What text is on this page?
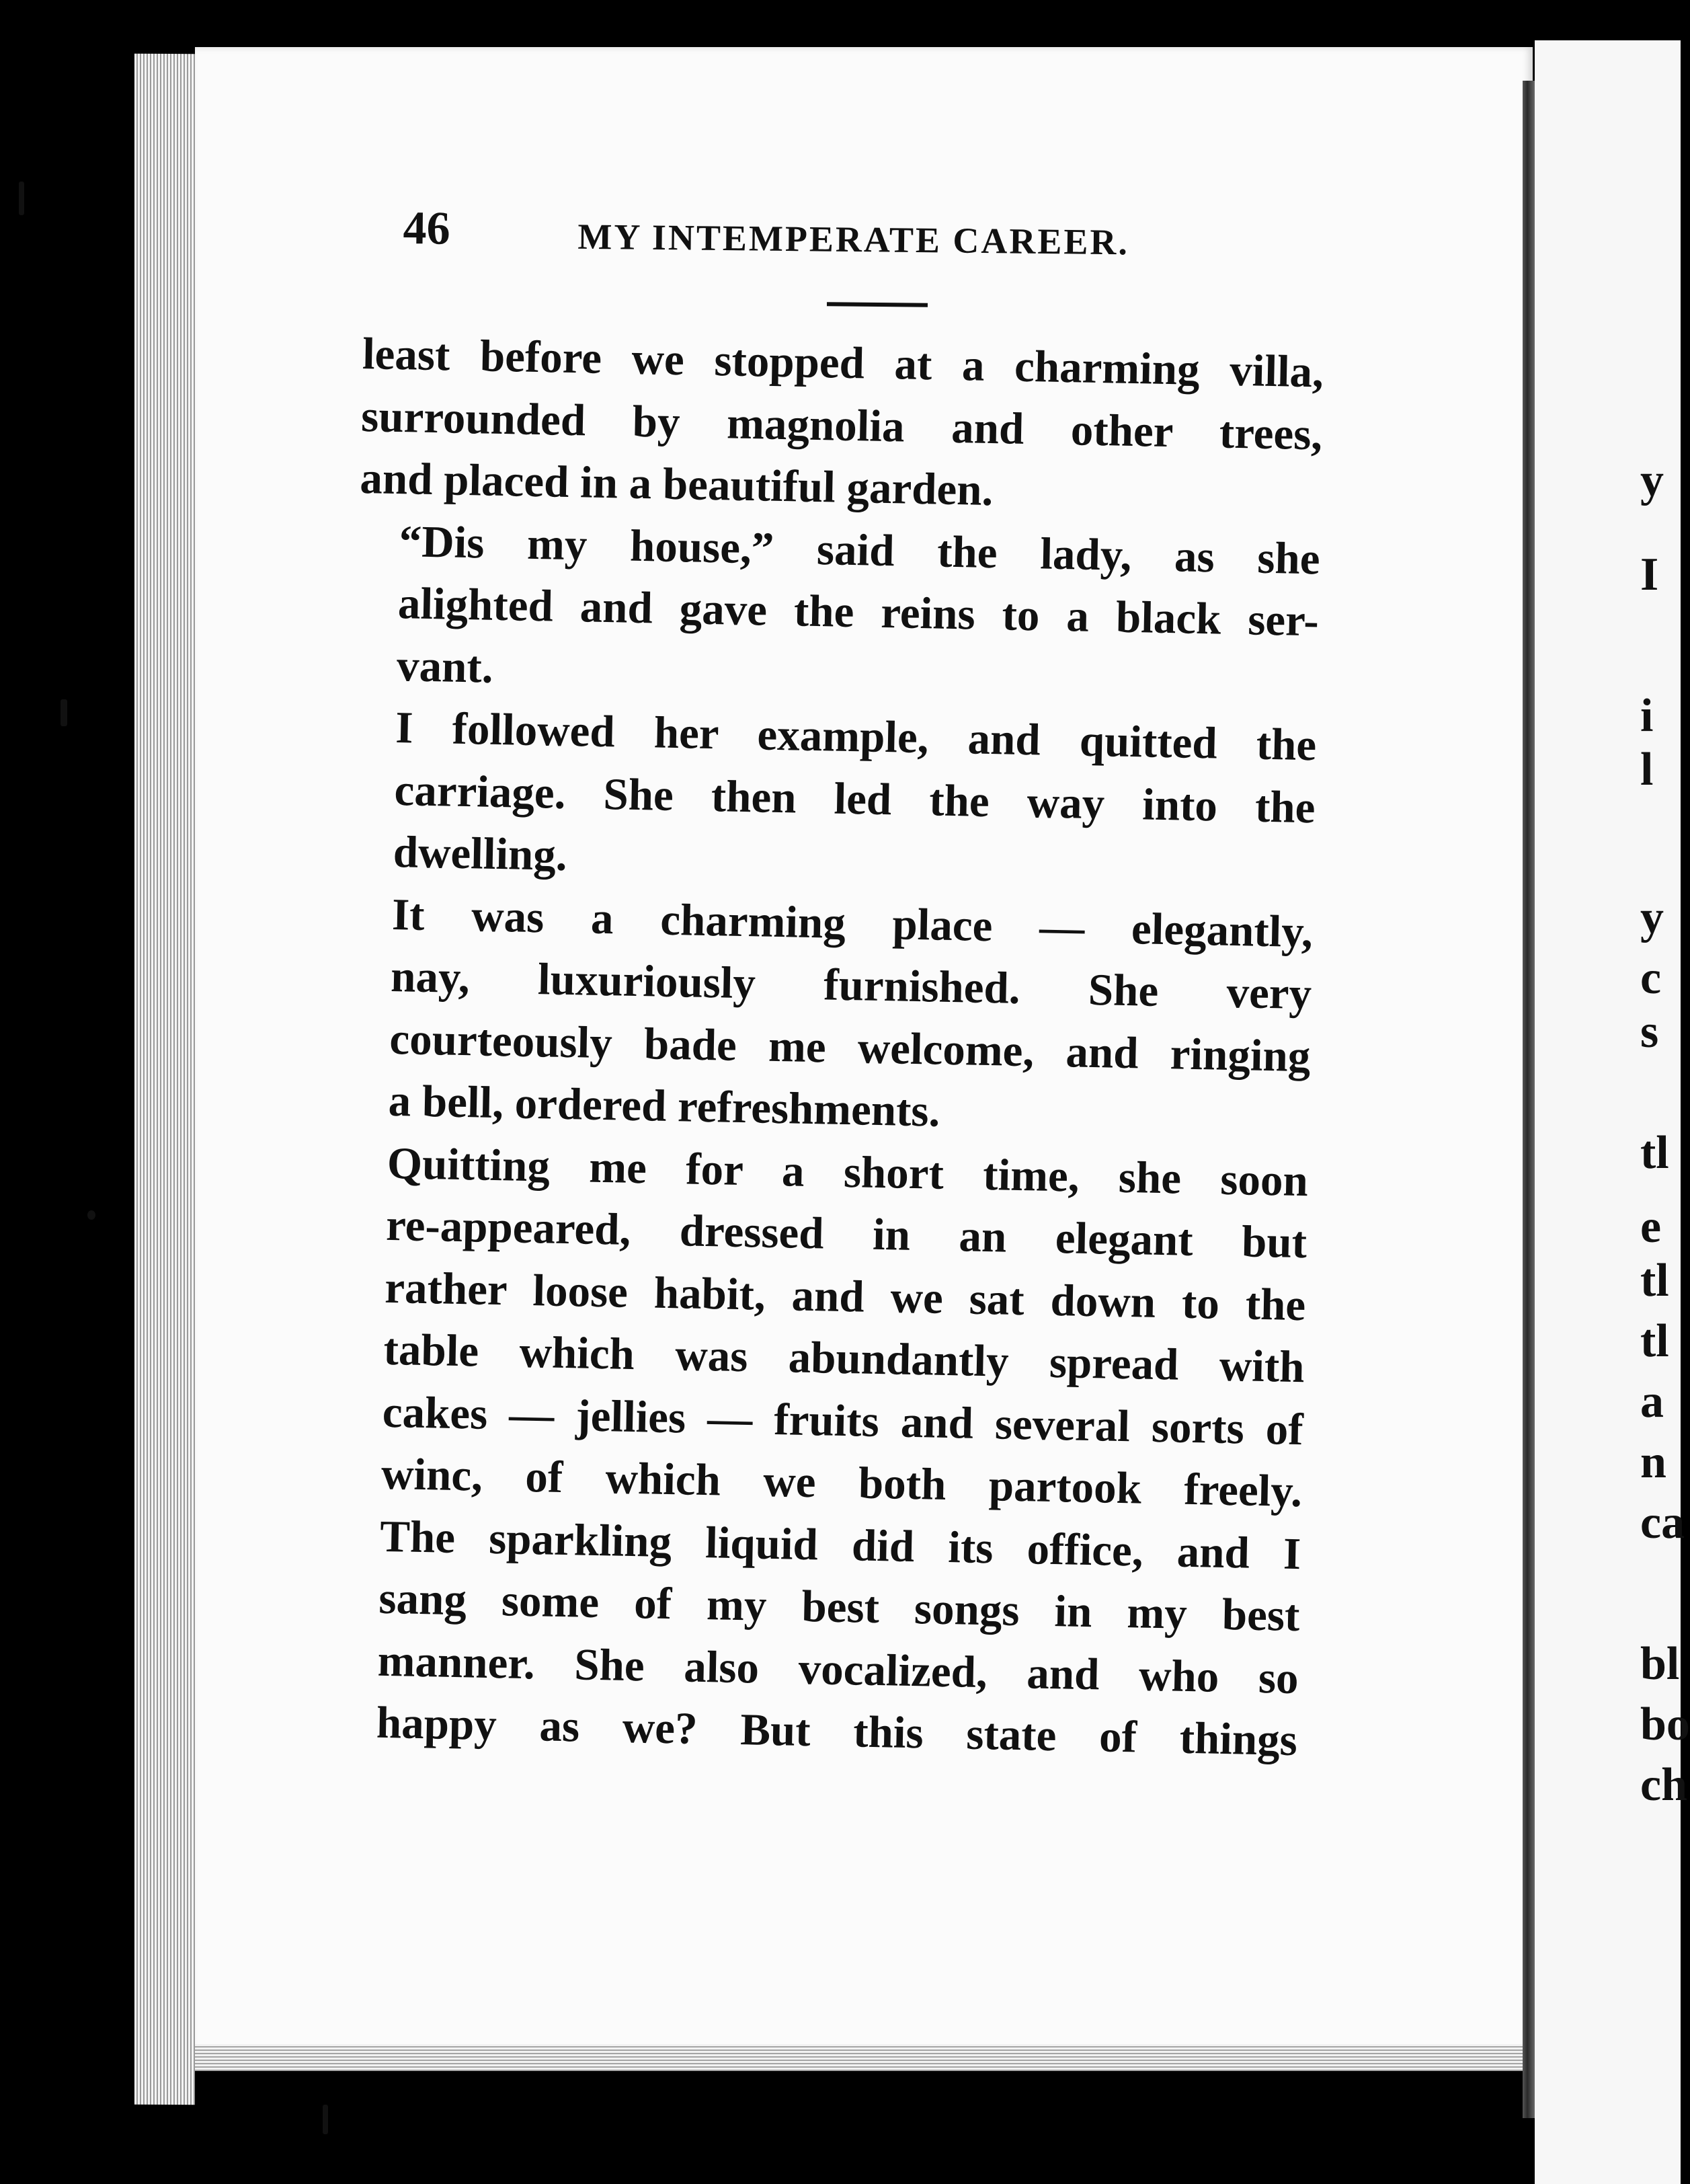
y
I
i
l
y
c
s
tl
e
tl
tl
a
n
ca
bl
bo
ch
46	MY INTEMPERATE CAREER.

least before we stopped at a charming villa,
surrounded by magnolia and other trees,
and placed in a beautiful garden.

“Dis my house,” said the lady, as she
alighted and gave the reins to a black ser-
vant.

I followed her example, and quitted the
carriage. She then led the way into the
dwelling.

It was a charming place — elegantly,
nay, luxuriously furnished. She very
courteously bade me welcome, and ringing
a bell, ordered refreshments.

Quitting me for a short time, she soon
re-appeared, dressed in an elegant but
rather loose habit, and we sat down to the
table which was abundantly spread with
cakes — jellies — fruits and several sorts of
winc, of which we both partook freely.
The sparkling liquid did its office, and I
sang some of my best songs in my best
manner. She also vocalized, and who so
happy as we? But this state of things
